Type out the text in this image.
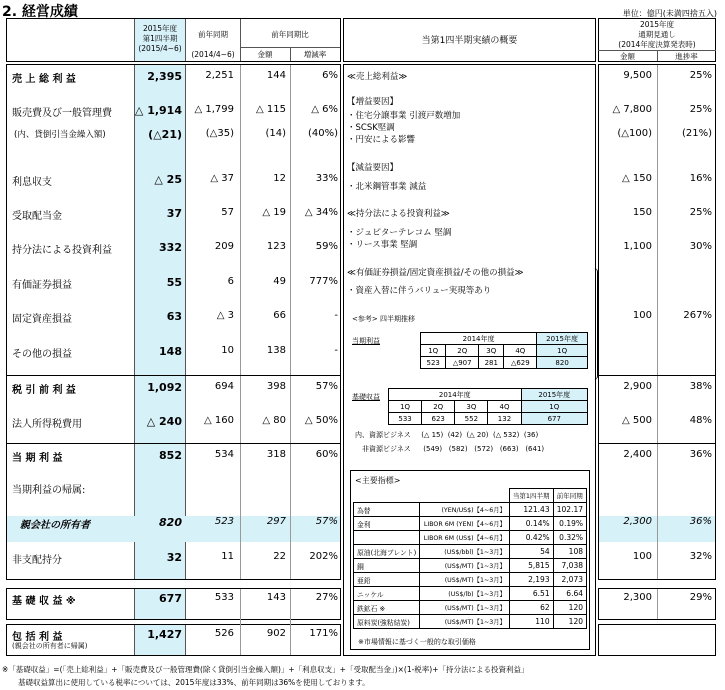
2. 経営成績	単位：億円(未満四捨五入)
2015年度
第1四半期
(2015/4~6)
前年同期
(2014/4~6)
前年同期比
金額	増減率
当第1四半期実績の概要
2015年度
通期見通し
(2014年度決算発表時)
金額	進捗率
売 上 総 利 益	2,395	2,251	144	6%	9,500	25%
販売費及び一般管理費 △ 1,914	△ 1,799	△ 115	△ 6%	△ 7,800	25%
(内、貸倒引当金繰入額)	(△21)	(△35)	(14)	(40%)	(△100)	(21%)
利息収支	△ 25	△ 37	12	33%	△ 150	16%
受取配当金	37	57	△ 19	△ 34%	150	25%
持分法による投資利益	332	209	123	59%	1,100	30%
有価証券損益	55	6	49	777%
固定資産損益	63	△ 3	66	-	100	267%
その他の損益	148	10	138	-
税 引 前 利 益	1,092	694	398	57%	2,900	38%
法人所得税費用	△ 240	△ 160	△ 80	△ 50%	△ 500	48%
当 期 利 益	852	534	318	60%	2,400	36%
当期利益の帰属:
親会社の所有者	820	523	297	57%	2,300	36%
非支配持分	32	11	22	202%	100	32%
基 礎 収 益 ※	677	533	143	27%	2,300	29%
包 括 利 益	1,427	526	902	171%
(親会社の所有者に帰属)
≪売上総利益≫
【増益要因】
・住宅分譲事業 引渡戸数増加
・SCSK堅調
・円安による影響
【減益要因】
・北米鋼管事業 減益
≪持分法による投資利益≫
・ジュピターテレコム 堅調
・リース事業 堅調
≪有価証券損益/固定資産損益/その他の損益≫
・資産入替に伴うバリュー実現等あり
<参考> 四半期推移
当期利益	2014年度				2015年度
1Q	2Q	3Q	4Q	1Q
523	△907	281	△629	820
基礎収益	2014年度				2015年度
1Q	2Q	3Q	4Q	1Q
533	623	552	132	677
内、資源ビジネス (△ 15) (42) (△ 20) (△ 532) (36)
非資源ビジネス (549) (582) (572) (663) (641)
<主要指標>
		当第1四半期	前年同期
為替	(YEN/US$)【4~6月】	121.43	102.17
金利	LIBOR 6M (YEN)【4~6月】	0.14%	0.19%
	LIBOR 6M (US$)【4~6月】	0.42%	0.32%
原油(北海ブレント)	(US$/bbl)【1~3月】	54	108
銅	(US$/MT)【1~3月】	5,815	7,038
亜鉛	(US$/MT)【1~3月】	2,193	2,073
ニッケル	(US$/lb)【1~3月】	6.51	6.64
鉄鉱石 ※	(US$/MT)【1~3月】	62	120
原料炭(強粘結炭)	(US$/MT)【1~3月】	110	120
※市場情報に基づく一般的な取引価格
※「基礎収益」=(「売上総利益」+「販売費及び一般管理費(除く貸倒引当金繰入額)」+「利息収支」+「受取配当金」)×(1-税率)+「持分法による投資利益」
基礎収益算出に使用している税率については、2015年度は33%、前年同期は36%を使用しております。
